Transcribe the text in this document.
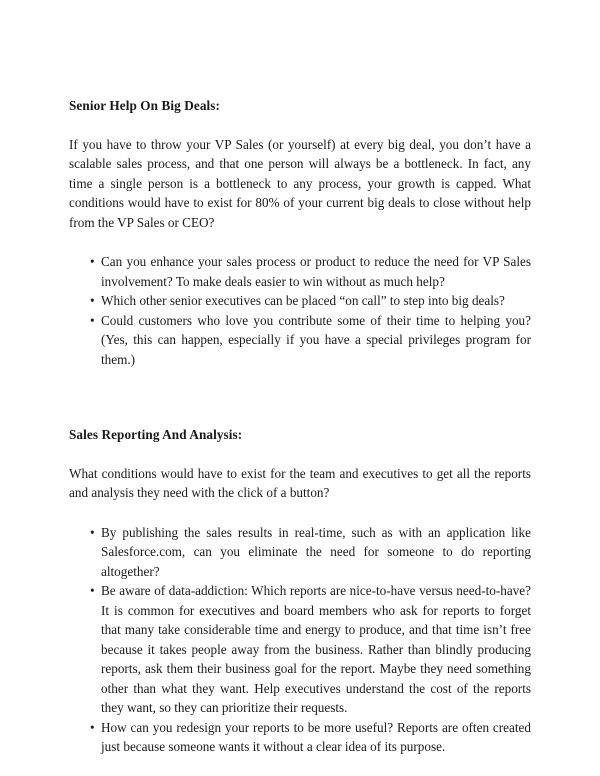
Senior Help On Big Deals:

If you have to throw your VP Sales (or yourself) at every big deal, you don’t have a scalable sales process, and that one person will always be a bottleneck. In fact, any time a single person is a bottleneck to any process, your growth is capped. What conditions would have to exist for 80% of your current big deals to close without help from the VP Sales or CEO?

• Can you enhance your sales process or product to reduce the need for VP Sales involvement? To make deals easier to win without as much help?
• Which other senior executives can be placed “on call” to step into big deals?
• Could customers who love you contribute some of their time to helping you? (Yes, this can happen, especially if you have a special privileges program for them.)
Sales Reporting And Analysis:

What conditions would have to exist for the team and executives to get all the reports and analysis they need with the click of a button?

• By publishing the sales results in real-time, such as with an application like Salesforce.com, can you eliminate the need for someone to do reporting altogether?
• Be aware of data-addiction: Which reports are nice-to-have versus need-to-have? It is common for executives and board members who ask for reports to forget that many take considerable time and energy to produce, and that time isn’t free because it takes people away from the business. Rather than blindly producing reports, ask them their business goal for the report. Maybe they need something other than what they want. Help executives understand the cost of the reports they want, so they can prioritize their requests.
• How can you redesign your reports to be more useful? Reports are often created just because someone wants it without a clear idea of its purpose.
